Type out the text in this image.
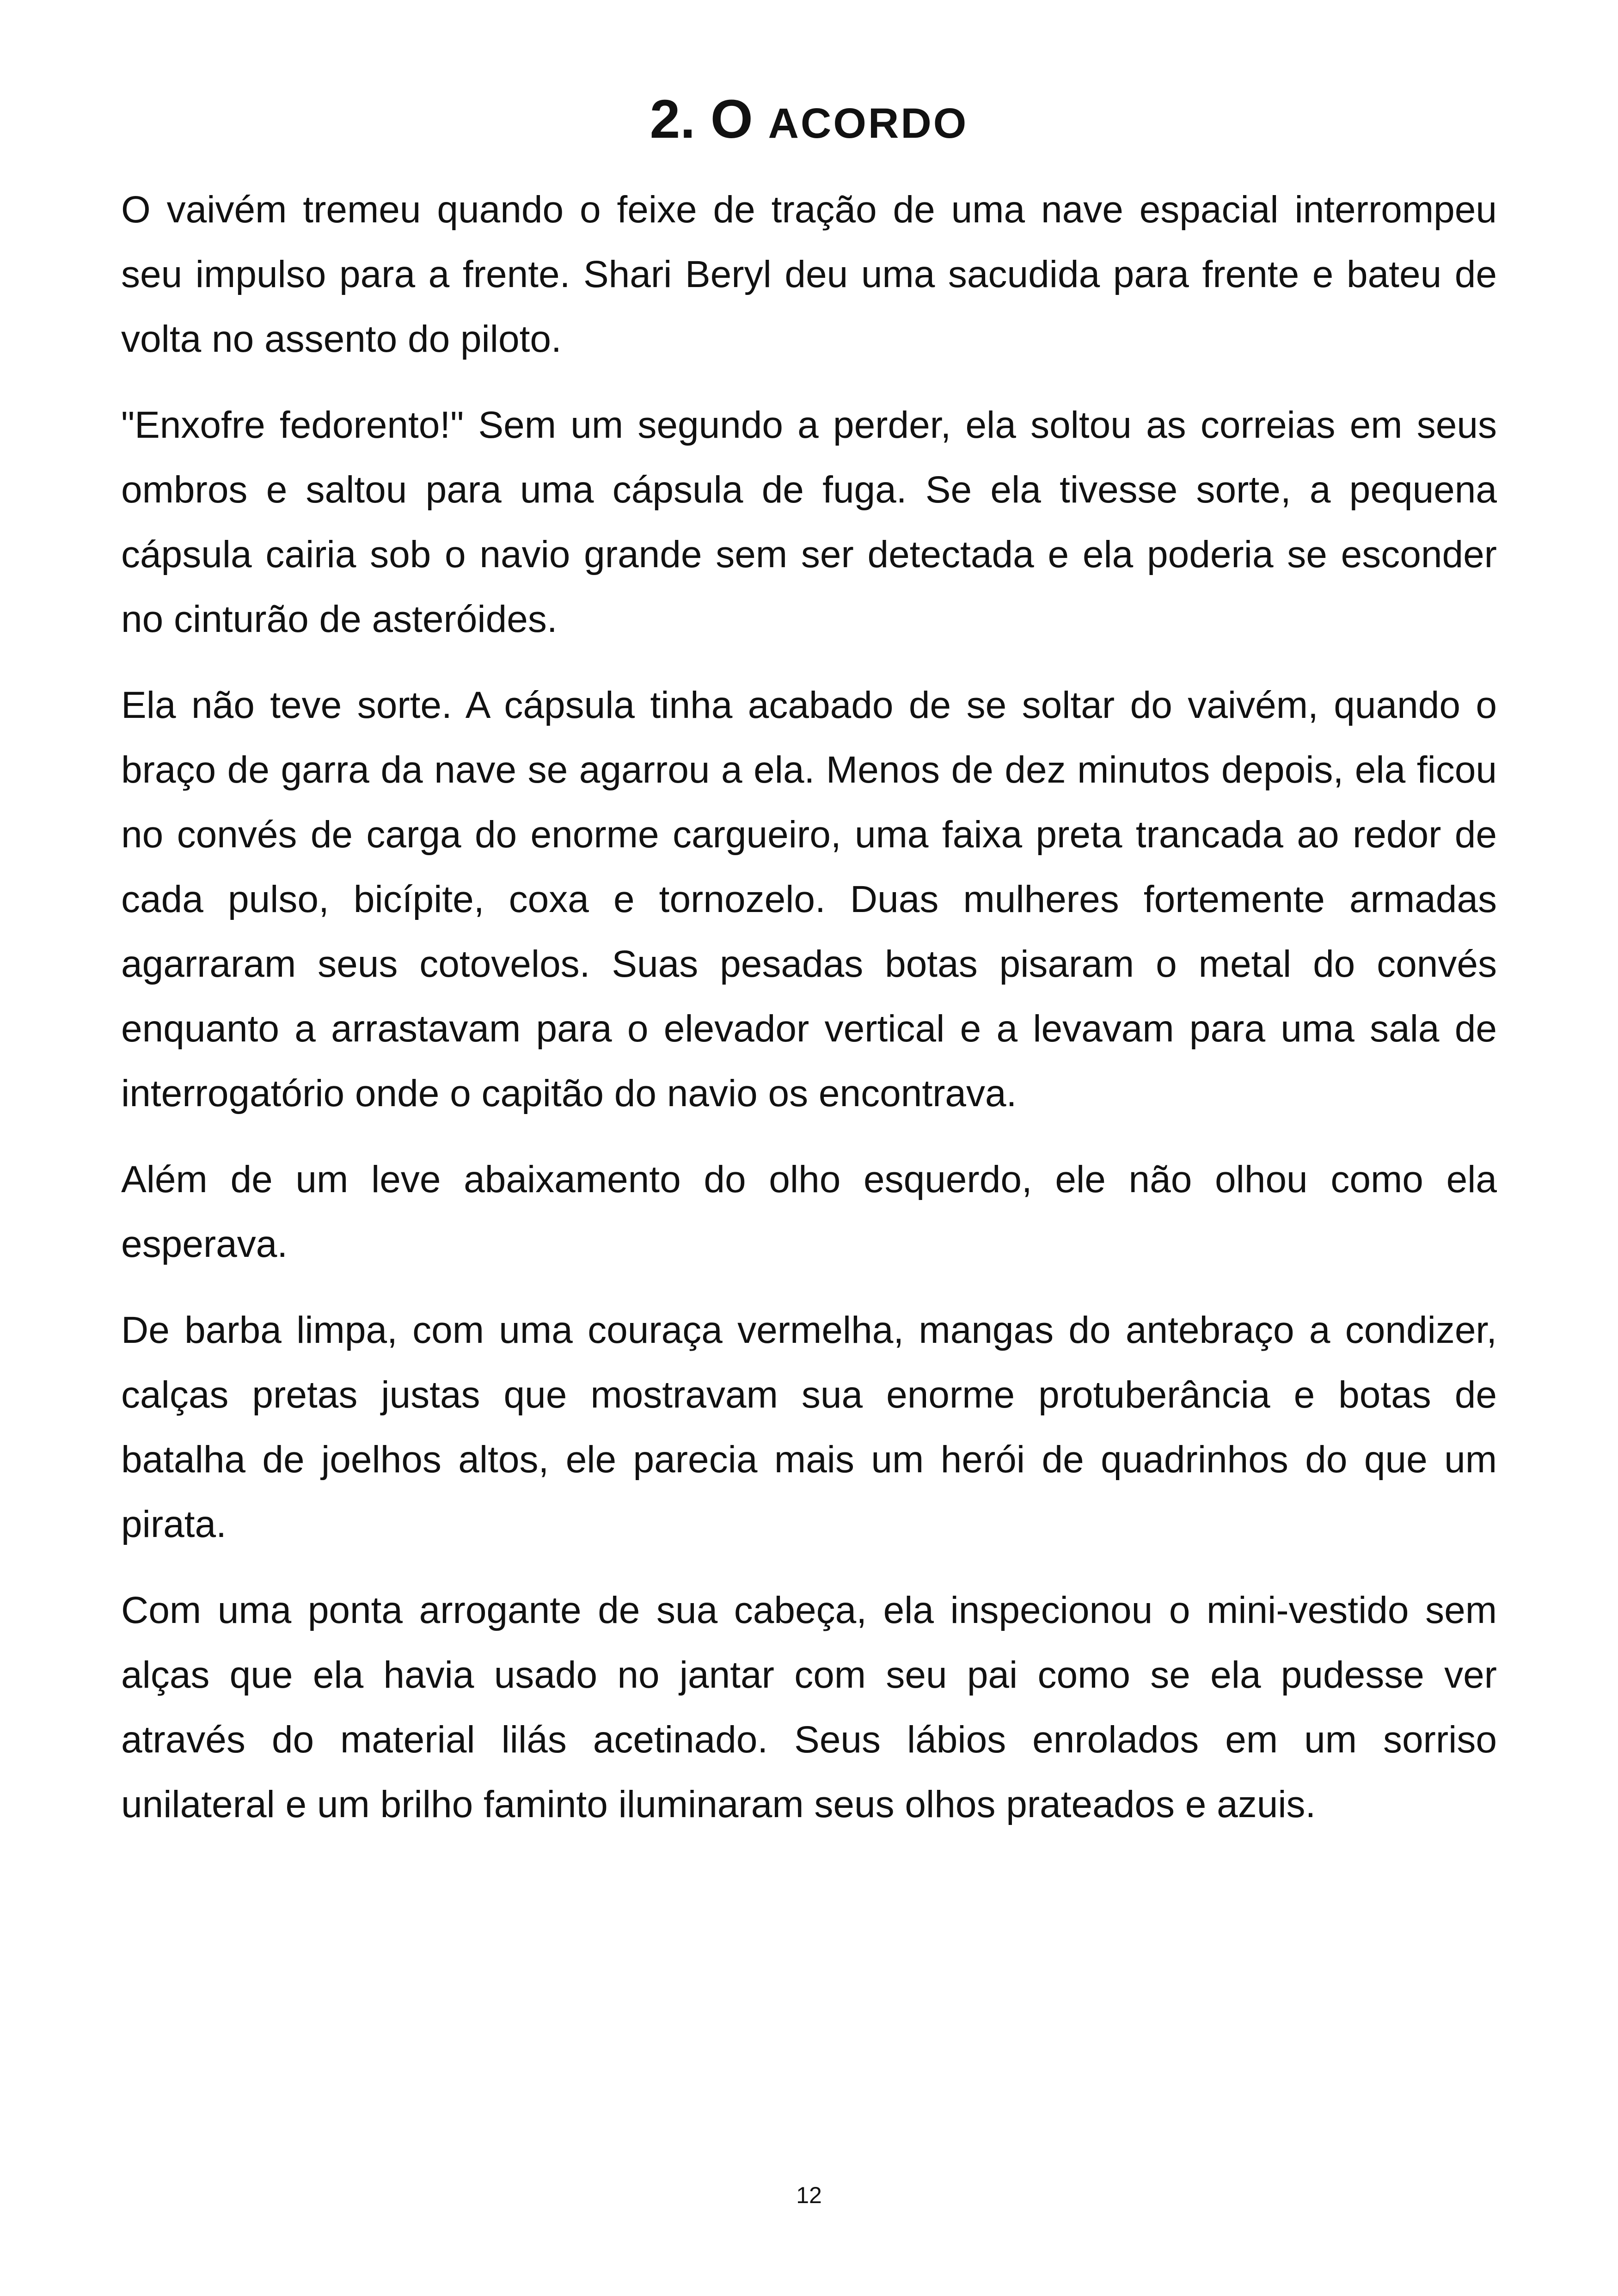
2. O ACORDO

O vaivém tremeu quando o feixe de tração de uma nave espacial interrompeu seu impulso para a frente. Shari Beryl deu uma sacudida para frente e bateu de volta no assento do piloto.

"Enxofre fedorento!" Sem um segundo a perder, ela soltou as correias em seus ombros e saltou para uma cápsula de fuga. Se ela tivesse sorte, a pequena cápsula cairia sob o navio grande sem ser detectada e ela poderia se esconder no cinturão de asteróides.

Ela não teve sorte. A cápsula tinha acabado de se soltar do vaivém, quando o braço de garra da nave se agarrou a ela. Menos de dez minutos depois, ela ficou no convés de carga do enorme cargueiro, uma faixa preta trancada ao redor de cada pulso, bicípite, coxa e tornozelo. Duas mulheres fortemente armadas agarraram seus cotovelos. Suas pesadas botas pisaram o metal do convés enquanto a arrastavam para o elevador vertical e a levavam para uma sala de interrogatório onde o capitão do navio os encontrava.

Além de um leve abaixamento do olho esquerdo, ele não olhou como ela esperava.

De barba limpa, com uma couraça vermelha, mangas do antebraço a condizer, calças pretas justas que mostravam sua enorme protuberância e botas de batalha de joelhos altos, ele parecia mais um herói de quadrinhos do que um pirata.

Com uma ponta arrogante de sua cabeça, ela inspecionou o mini-vestido sem alças que ela havia usado no jantar com seu pai como se ela pudesse ver através do material lilás acetinado. Seus lábios enrolados em um sorriso unilateral e um brilho faminto iluminaram seus olhos prateados e azuis.

12
